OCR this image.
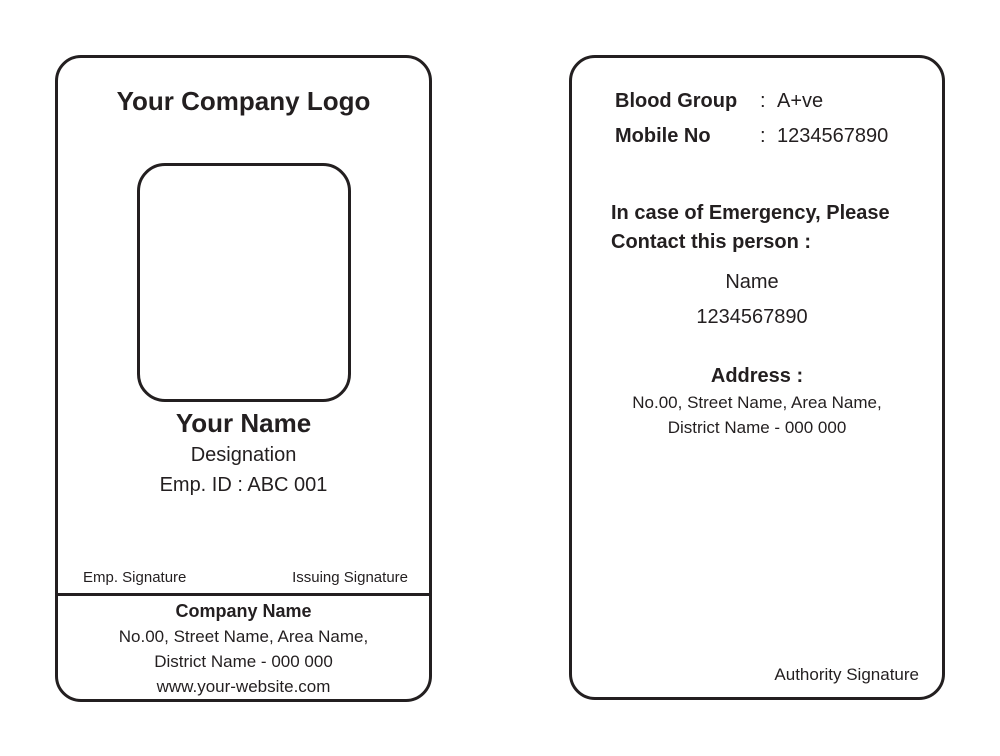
Your Company Logo
Your Name
Designation
Emp. ID : ABC 001
Emp. Signature	Issuing Signature
Company Name
No.00, Street Name, Area Name,
District Name - 000 000
www.your-website.com
Blood Group : A+ve
Mobile No : 1234567890
In case of Emergency, Please
Contact this person :
Name
1234567890
Address :
No.00, Street Name, Area Name,
District Name - 000 000
Authority Signature
